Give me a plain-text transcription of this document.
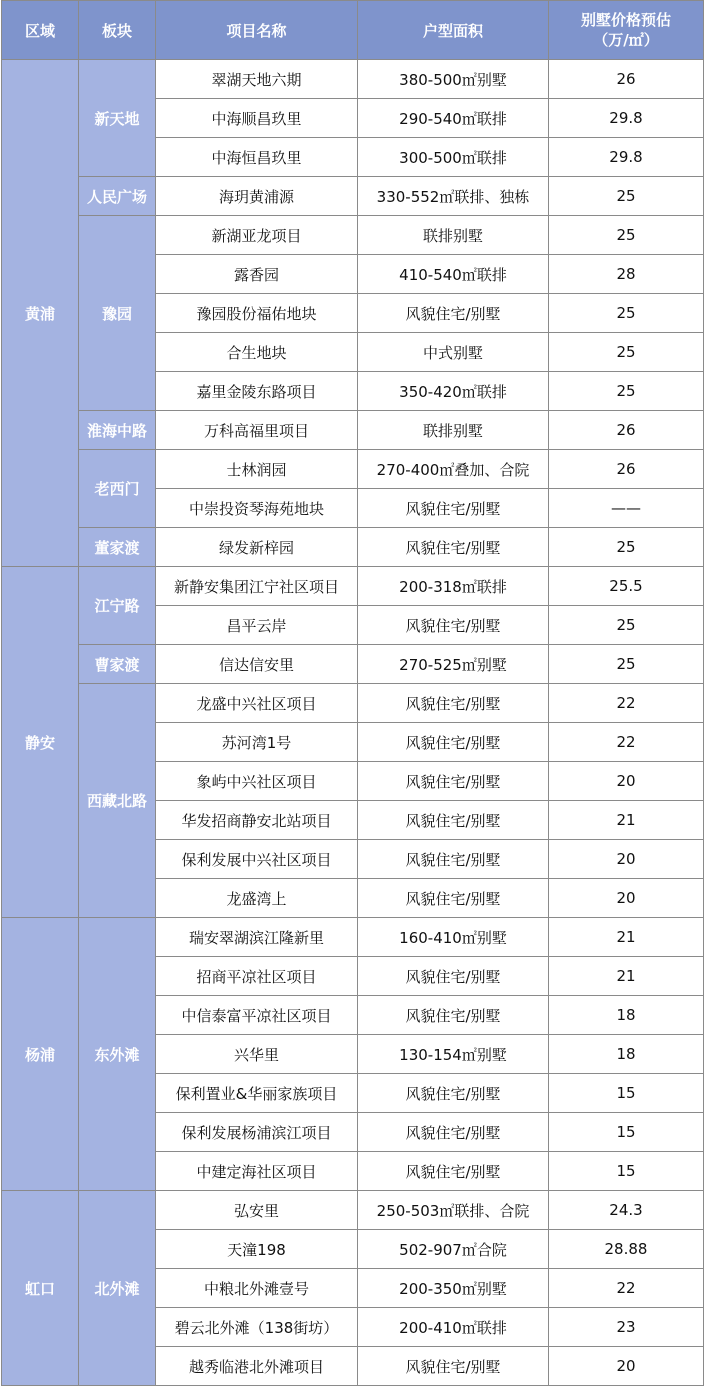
区域	板块	项目名称	户型面积	别墅价格预估
（万/㎡）

黄浦	新天地	翠湖天地六期	380-500㎡别墅	26
		中海顺昌玖里	290-540㎡联排	29.8
		中海恒昌玖里	300-500㎡联排	29.8
	人民广场	海玥黄浦源	330-552㎡联排、独栋	25
	豫园	新湖亚龙项目	联排别墅	25
		露香园	410-540㎡联排	28
		豫园股份福佑地块	风貌住宅/别墅	25
		合生地块	中式别墅	25
		嘉里金陵东路项目	350-420㎡联排	25
	淮海中路	万科高福里项目	联排别墅	26
	老西门	士林润园	270-400㎡叠加、合院	26
		中崇投资琴海苑地块	风貌住宅/别墅	——
	董家渡	绿发新梓园	风貌住宅/别墅	25
静安	江宁路	新静安集团江宁社区项目	200-318㎡联排	25.5
		昌平云岸	风貌住宅/别墅	25
	曹家渡	信达信安里	270-525㎡别墅	25
	西藏北路	龙盛中兴社区项目	风貌住宅/别墅	22
		苏河湾1号	风貌住宅/别墅	22
		象屿中兴社区项目	风貌住宅/别墅	20
		华发招商静安北站项目	风貌住宅/别墅	21
		保利发展中兴社区项目	风貌住宅/别墅	20
		龙盛湾上	风貌住宅/别墅	20
杨浦	东外滩	瑞安翠湖滨江隆新里	160-410㎡别墅	21
		招商平凉社区项目	风貌住宅/别墅	21
		中信泰富平凉社区项目	风貌住宅/别墅	18
		兴华里	130-154㎡别墅	18
		保利置业&华丽家族项目	风貌住宅/别墅	15
		保利发展杨浦滨江项目	风貌住宅/别墅	15
		中建定海社区项目	风貌住宅/别墅	15
虹口	北外滩	弘安里	250-503㎡联排、合院	24.3
		天潼198	502-907㎡合院	28.88
		中粮北外滩壹号	200-350㎡别墅	22
		碧云北外滩（138街坊）	200-410㎡联排	23
		越秀临港北外滩项目	风貌住宅/别墅	20
